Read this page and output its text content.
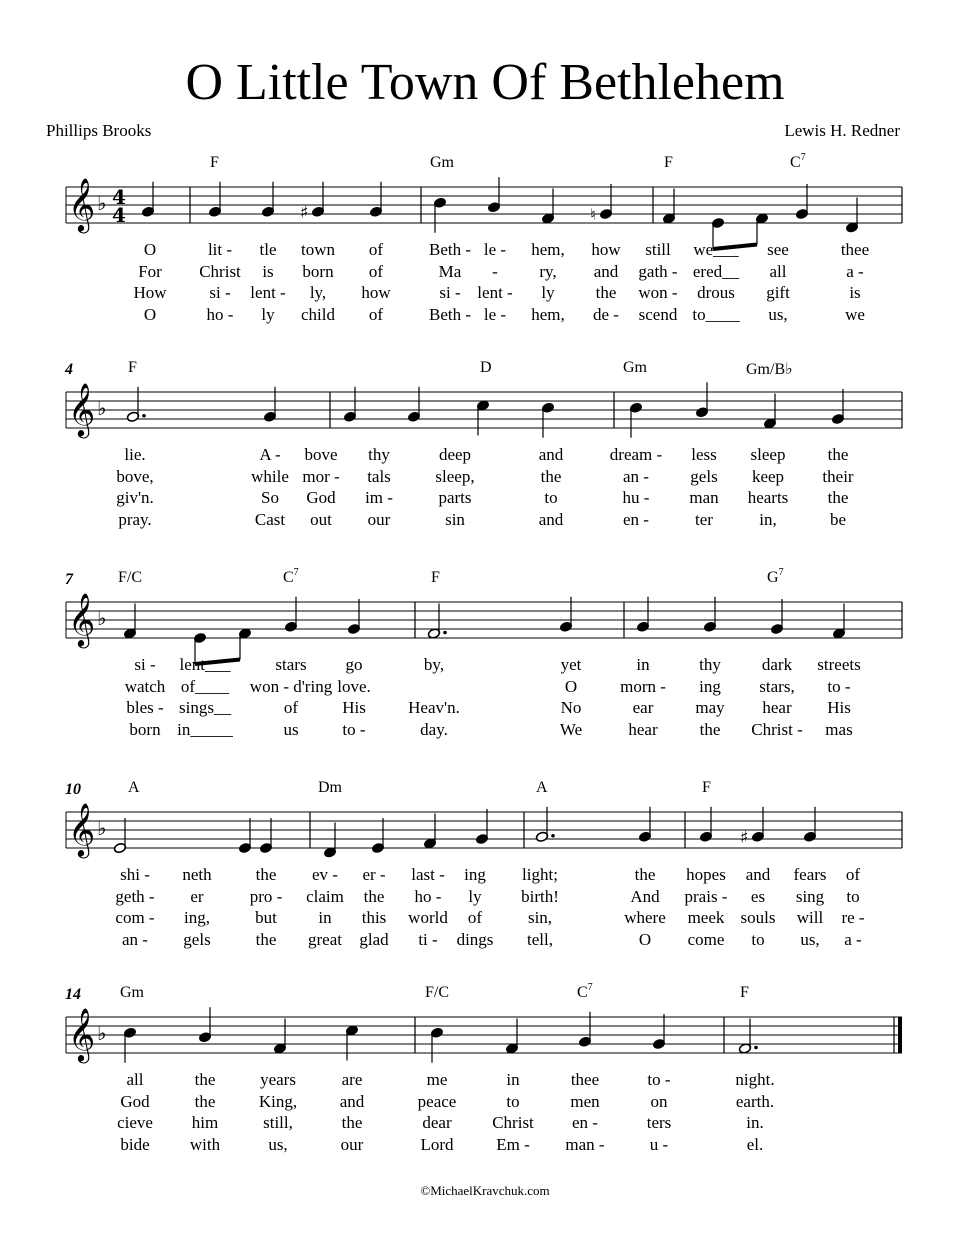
O Little Town Of Bethlehem
Phillips Brooks	Lewis H. Redner
©MichaelKravchuk.com
F	Gm	F	$C^7$
𝄞 ♭ 4
4	♯	♮
O	lit - tle town of	Beth - le - hem, how still we___ see	thee
For Christ is born of	Ma - ry, and gath - ered__ all	a -
How	si - lent - ly, how	si - lent - ly the won - drous gift	is
O	ho - ly child of	Beth - le - hem, de - scend to____ us,	we
4	F	D	Gm	Gm/B♭
𝄞 ♭
lie.	A - bove thy	deep	and	dream - less sleep the
bove,	while mor - tals	sleep,	the	an - gels keep their
giv'n.	So God im -	parts	to	hu - man hearts the
pray.	Cast out our	sin	and	en -	ter	in,	be
7	F/C	$C^7$	F	$G^7$
𝄞 ♭
si - lent___	stars go	by,	yet	in	thy dark streets
watch of____ won - d'ring love.	O	morn - ing stars, to -
bles - sings__	of	His Heav'n.	No	ear may hear His
born in_____	us	to -	day.	We	hear the Christ - mas
10	A	Dm	A	F
𝄞 ♭	♯
shi - neth	the ev - er - last - ing light;	the hopes and fears of
geth - er	pro - claim the ho - ly birth!	And prais - es sing to
com - ing,	but in this world of	sin,	where meek souls will re -
an - gels	the great glad ti - dings tell,	O come to us, a -
14 Gm	F/C	$C^7$	F
𝄞 ♭
all	the	years	are	me	in	thee	to -	night.
God	the	King,	and	peace	to	men	on	earth.
cieve him	still,	the	dear Christ en -	ters	in.
bide with	us,	our	Lord	Em - man -	u -	el.
